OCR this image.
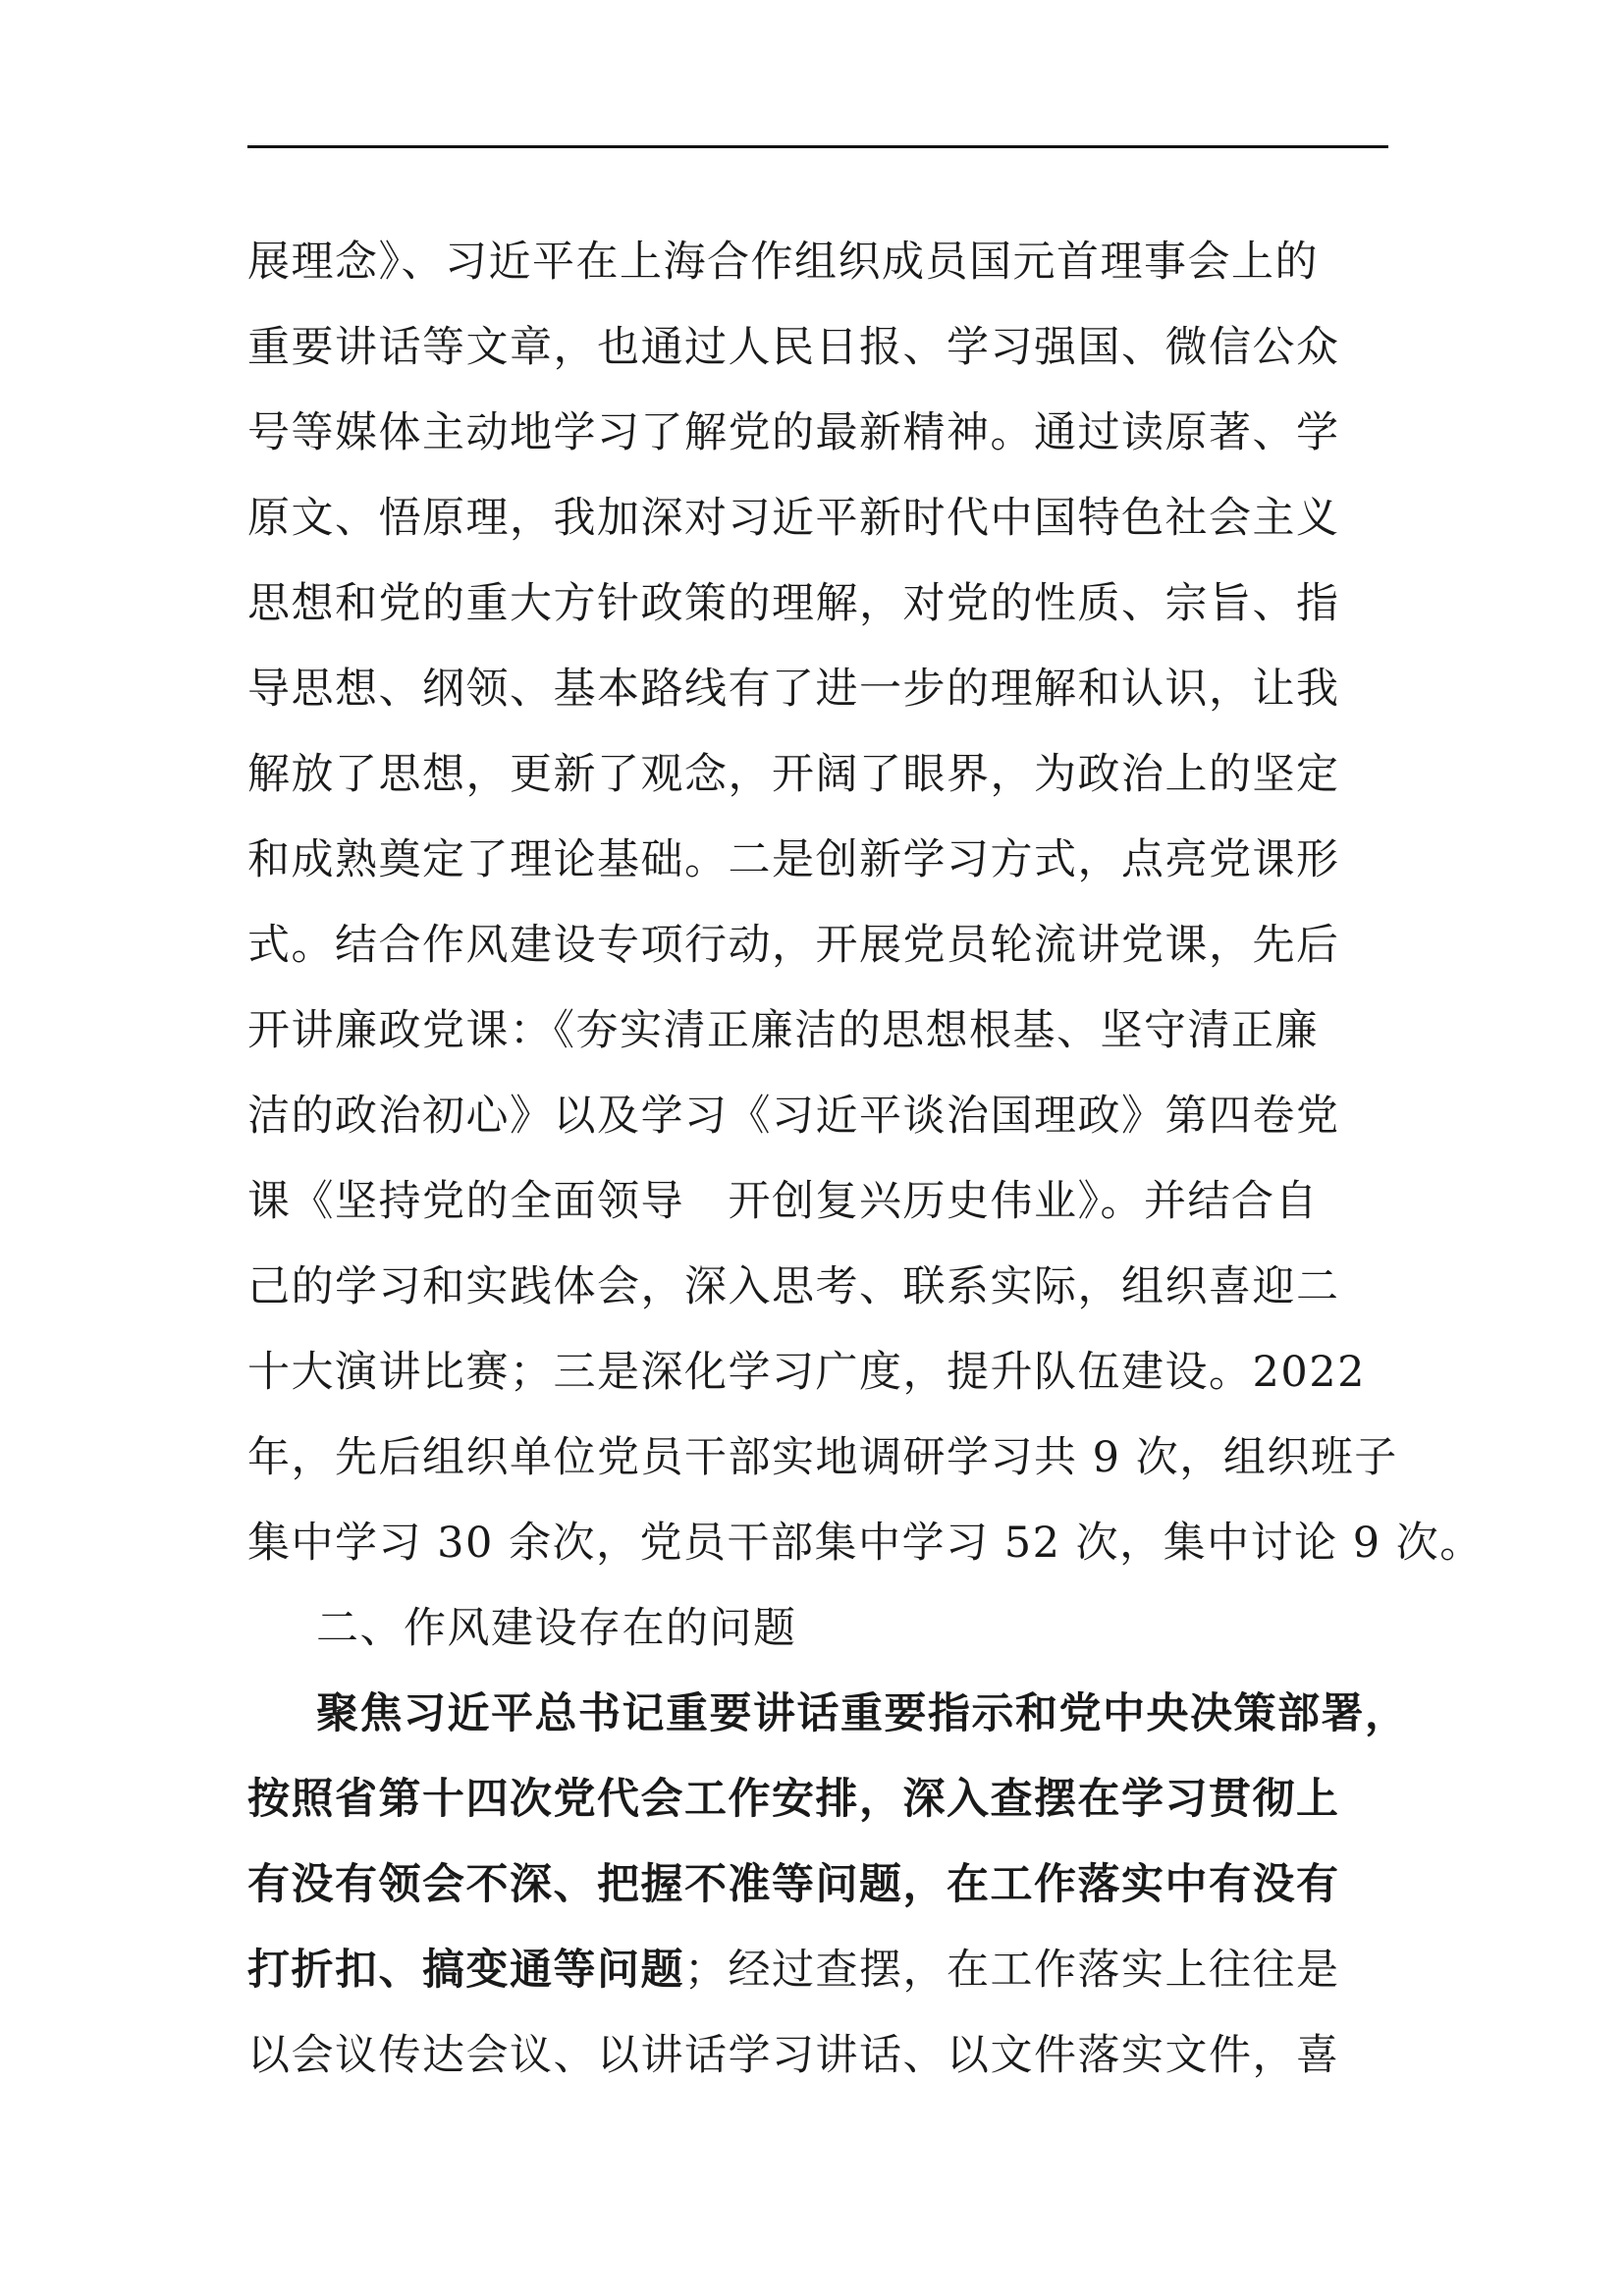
展理念》、习近平在上海合作组织成员国元首理事会上的
重要讲话等文章，也通过人民日报、学习强国、微信公众
号等媒体主动地学习了解党的最新精神。通过读原著、学
原文、悟原理，我加深对习近平新时代中国特色社会主义
思想和党的重大方针政策的理解，对党的性质、宗旨、指
导思想、纲领、基本路线有了进一步的理解和认识，让我
解放了思想，更新了观念，开阔了眼界，为政治上的坚定
和成熟奠定了理论基础。二是创新学习方式，点亮党课形
式。结合作风建设专项行动，开展党员轮流讲党课，先后
开讲廉政党课：《夯实清正廉洁的思想根基、坚守清正廉
洁的政治初心》以及学习《习近平谈治国理政》第四卷党
课《坚持党的全面领导　开创复兴历史伟业》。并结合自
己的学习和实践体会，深入思考、联系实际，组织喜迎二
十大演讲比赛；三是深化学习广度，提升队伍建设。2022
年，先后组织单位党员干部实地调研学习共 9 次，组织班子
集中学习 30 余次，党员干部集中学习 52 次，集中讨论 9 次。
二、作风建设存在的问题
聚焦习近平总书记重要讲话重要指示和党中央决策部署，
按照省第十四次党代会工作安排，深入查摆在学习贯彻上
有没有领会不深、把握不准等问题，在工作落实中有没有
打折扣、搞变通等问题；经过查摆，在工作落实上往往是
以会议传达会议、以讲话学习讲话、以文件落实文件，喜
